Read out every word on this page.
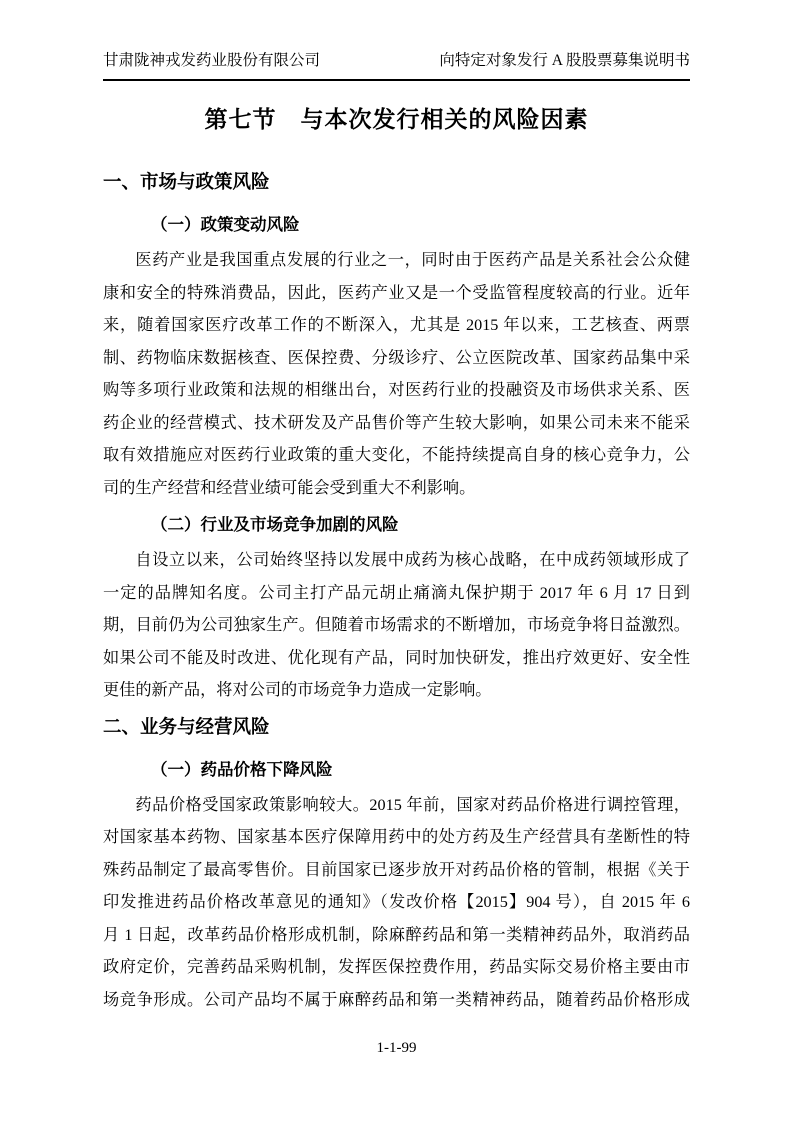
甘肃陇神戎发药业股份有限公司	向特定对象发行 A 股股票募集说明书
第七节　与本次发行相关的风险因素
一、市场与政策风险
（一）政策变动风险
医药产业是我国重点发展的行业之一，同时由于医药产品是关系社会公众健
康和安全的特殊消费品，因此，医药产业又是一个受监管程度较高的行业。近年
来，随着国家医疗改革工作的不断深入，尤其是 2015 年以来，工艺核查、两票
制、药物临床数据核查、医保控费、分级诊疗、公立医院改革、国家药品集中采
购等多项行业政策和法规的相继出台，对医药行业的投融资及市场供求关系、医
药企业的经营模式、技术研发及产品售价等产生较大影响，如果公司未来不能采
取有效措施应对医药行业政策的重大变化，不能持续提高自身的核心竞争力，公
司的生产经营和经营业绩可能会受到重大不利影响。
（二）行业及市场竞争加剧的风险
自设立以来，公司始终坚持以发展中成药为核心战略，在中成药领域形成了
一定的品牌知名度。公司主打产品元胡止痛滴丸保护期于 2017 年 6 月 17 日到
期，目前仍为公司独家生产。但随着市场需求的不断增加，市场竞争将日益激烈。
如果公司不能及时改进、优化现有产品，同时加快研发，推出疗效更好、安全性
更佳的新产品，将对公司的市场竞争力造成一定影响。
二、业务与经营风险
（一）药品价格下降风险
药品价格受国家政策影响较大。2015 年前，国家对药品价格进行调控管理，
对国家基本药物、国家基本医疗保障用药中的处方药及生产经营具有垄断性的特
殊药品制定了最高零售价。目前国家已逐步放开对药品价格的管制，根据《关于
印发推进药品价格改革意见的通知》（发改价格【2015】904 号），自 2015 年 6
月 1 日起，改革药品价格形成机制，除麻醉药品和第一类精神药品外，取消药品
政府定价，完善药品采购机制，发挥医保控费作用，药品实际交易价格主要由市
场竞争形成。公司产品均不属于麻醉药品和第一类精神药品，随着药品价格形成
1-1-99
